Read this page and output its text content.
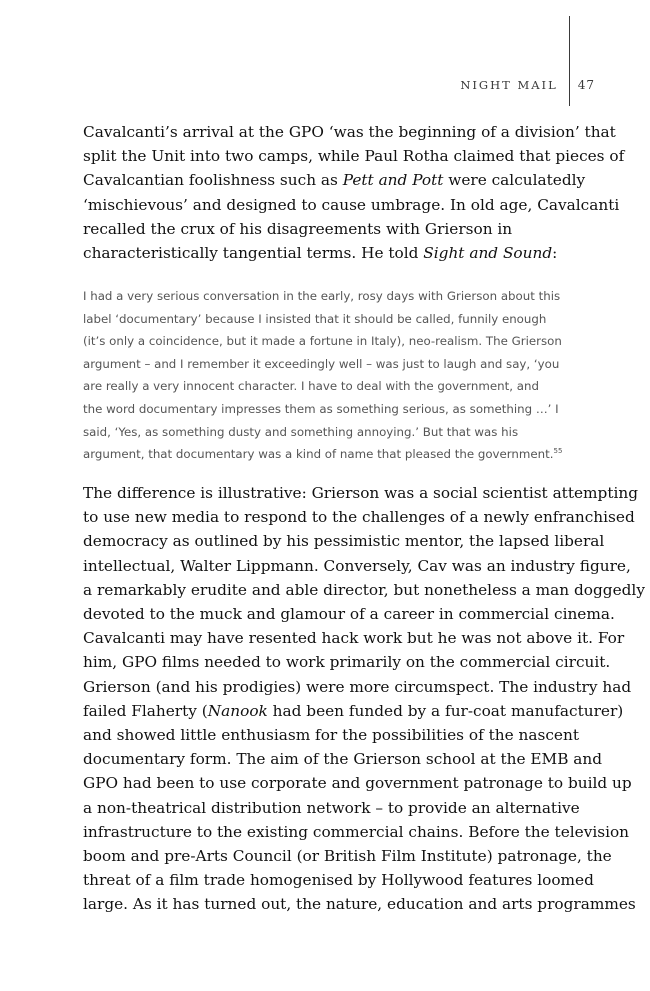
NIGHT MAIL 47

Cavalcanti’s arrival at the GPO ‘was the beginning of a division’ that
split the Unit into two camps, while Paul Rotha claimed that pieces of
Cavalcantian foolishness such as Pett and Pott were calculatedly
‘mischievous’ and designed to cause umbrage. In old age, Cavalcanti
recalled the crux of his disagreements with Grierson in
characteristically tangential terms. He told Sight and Sound:

I had a very serious conversation in the early, rosy days with Grierson about this
label ‘documentary’ because I insisted that it should be called, funnily enough
(it’s only a coincidence, but it made a fortune in Italy), neo-realism. The Grierson
argument – and I remember it exceedingly well – was just to laugh and say, ‘you
are really a very innocent character. I have to deal with the government, and
the word documentary impresses them as something serious, as something …’ I
said, ‘Yes, as something dusty and something annoying.’ But that was his
argument, that documentary was a kind of name that pleased the government.$^{55}$

The difference is illustrative: Grierson was a social scientist attempting
to use new media to respond to the challenges of a newly enfranchised
democracy as outlined by his pessimistic mentor, the lapsed liberal
intellectual, Walter Lippmann. Conversely, Cav was an industry figure,
a remarkably erudite and able director, but nonetheless a man doggedly
devoted to the muck and glamour of a career in commercial cinema.
Cavalcanti may have resented hack work but he was not above it. For
him, GPO films needed to work primarily on the commercial circuit.
Grierson (and his prodigies) were more circumspect. The industry had
failed Flaherty (Nanook had been funded by a fur-coat manufacturer)
and showed little enthusiasm for the possibilities of the nascent
documentary form. The aim of the Grierson school at the EMB and
GPO had been to use corporate and government patronage to build up
a non-theatrical distribution network – to provide an alternative
infrastructure to the existing commercial chains. Before the television
boom and pre-Arts Council (or British Film Institute) patronage, the
threat of a film trade homogenised by Hollywood features loomed
large. As it has turned out, the nature, education and arts programmes
